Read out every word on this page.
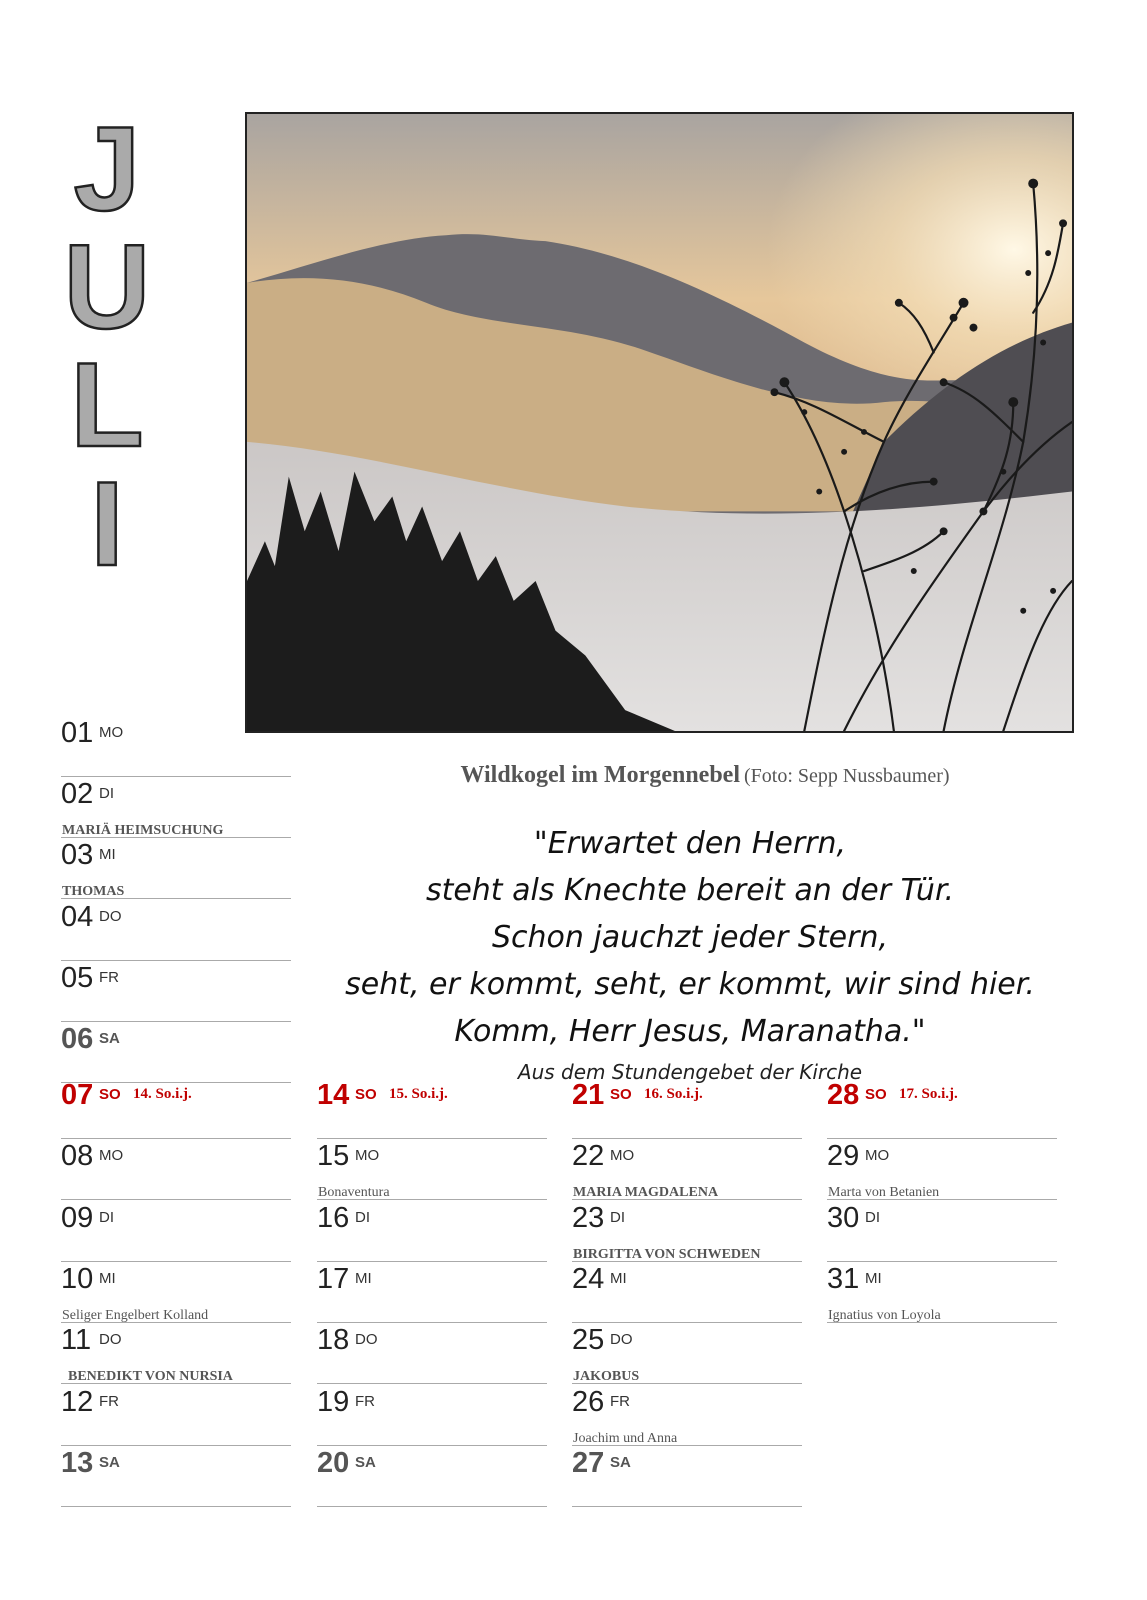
J
U
L
I
Wildkogel im Morgennebel (Foto: Sepp Nussbaumer)
"Erwartet den Herrn,
steht als Knechte bereit an der Tür.
Schon jauchzt jeder Stern,
seht, er kommt, seht, er kommt, wir sind hier.
Komm, Herr Jesus, Maranatha."
Aus dem Stundengebet der Kirche
01 MO
02 DI
MARIÄ HEIMSUCHUNG
03 MI
THOMAS
04 DO
05 FR
06 SA
07 SO 14. So.i.j.
08 MO
09 DI
10 MI
Seliger Engelbert Kolland
11 DO
BENEDIKT VON NURSIA
12 FR
13 SA
14 SO 15. So.i.j.
15 MO
Bonaventura
16 DI
17 MI
18 DO
19 FR
20 SA
21 SO 16. So.i.j.
22 MO
MARIA MAGDALENA
23 DI
BIRGITTA VON SCHWEDEN
24 MI
25 DO
JAKOBUS
26 FR
Joachim und Anna
27 SA
28 SO 17. So.i.j.
29 MO
Marta von Betanien
30 DI
31 MI
Ignatius von Loyola
